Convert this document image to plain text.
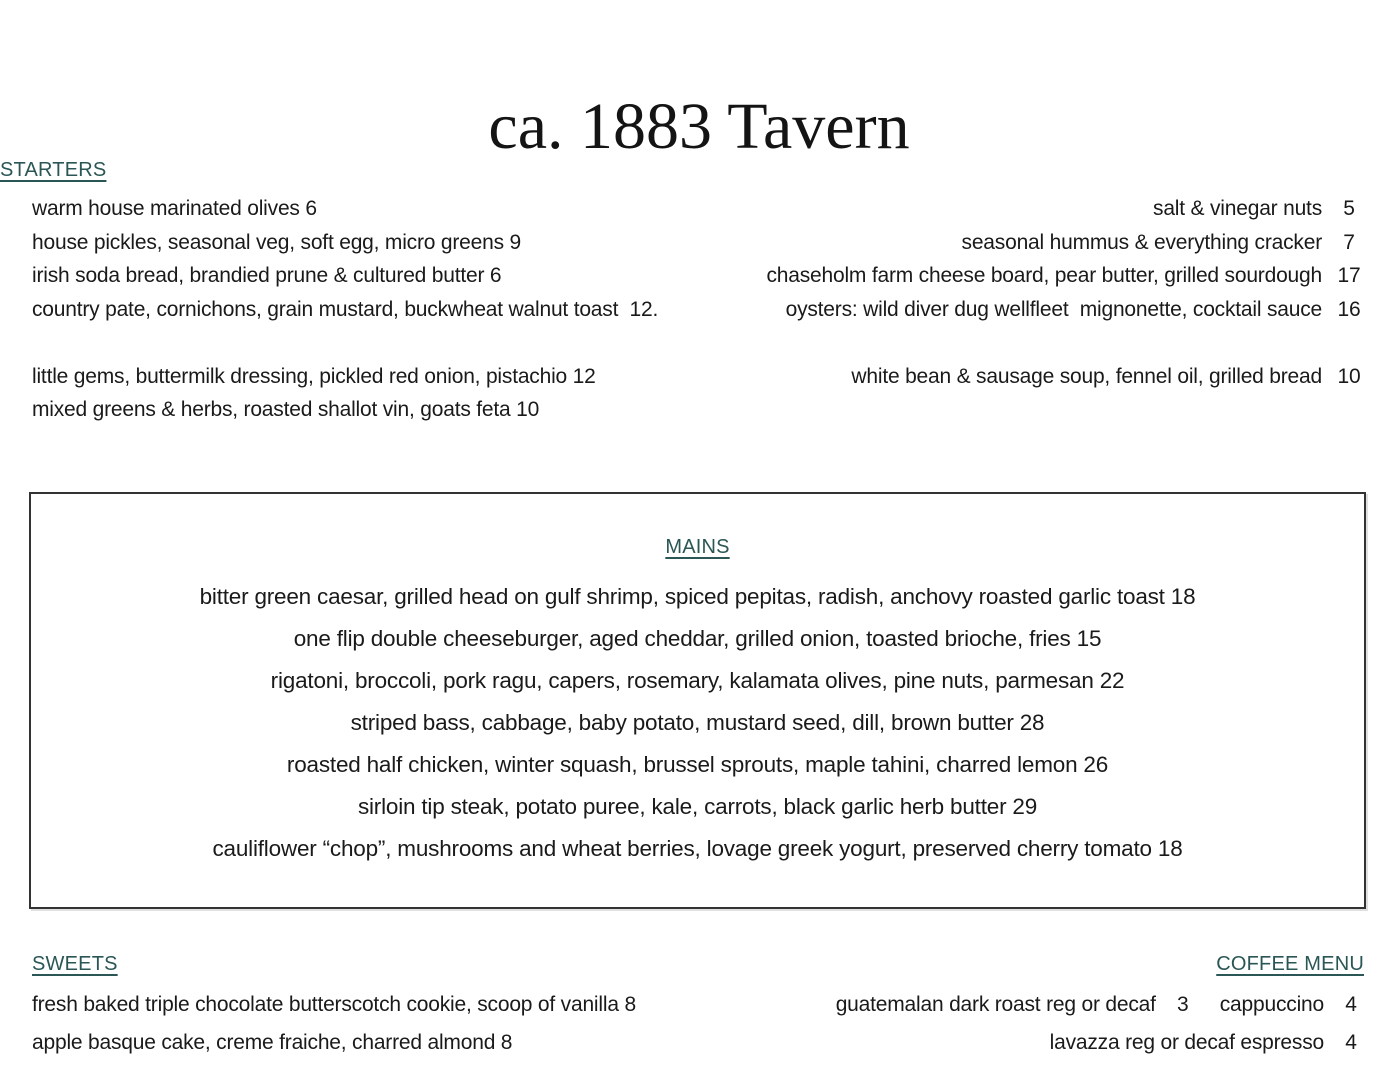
ca. 1883 Tavern
STARTERS
warm house marinated olives 6
house pickles, seasonal veg, soft egg, micro greens 9
irish soda bread, brandied prune & cultured butter 6
country pate, cornichons, grain mustard, buckwheat walnut toast  12.
little gems, buttermilk dressing, pickled red onion, pistachio 12
mixed greens & herbs, roasted shallot vin, goats feta 10
salt & vinegar nuts	5
seasonal hummus & everything cracker	7
chaseholm farm cheese board, pear butter, grilled sourdough 17
oysters: wild diver dug wellfleet  mignonette, cocktail sauce 16
white bean & sausage soup, fennel oil, grilled bread 10
MAINS
bitter green caesar, grilled head on gulf shrimp, spiced pepitas, radish, anchovy roasted garlic toast 18
one flip double cheeseburger, aged cheddar, grilled onion, toasted brioche, fries 15
rigatoni, broccoli, pork ragu, capers, rosemary, kalamata olives, pine nuts, parmesan 22
striped bass, cabbage, baby potato, mustard seed, dill, brown butter 28
roasted half chicken, winter squash, brussel sprouts, maple tahini, charred lemon 26
sirloin tip steak, potato puree, kale, carrots, black garlic herb butter 29
cauliflower “chop”, mushrooms and wheat berries, lovage greek yogurt, preserved cherry tomato 18
SWEETS
fresh baked triple chocolate butterscotch cookie, scoop of vanilla 8
apple basque cake, creme fraiche, charred almond 8
COFFEE MENU
guatemalan dark roast reg or decaf	3	cappuccino	4
lavazza reg or decaf espresso	4
